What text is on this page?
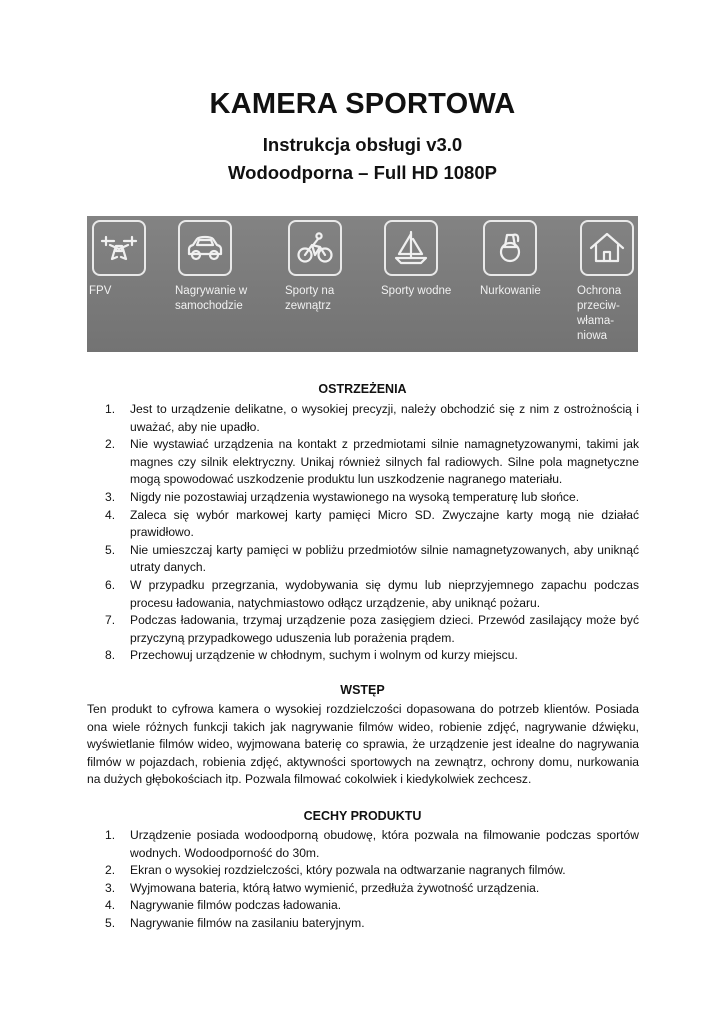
KAMERA SPORTOWA
Instrukcja obsługi v3.0
Wodoodporna – Full HD 1080P
FPV	Nagrywanie w
samochodzie
Sporty na
zewnątrz
Sporty wodne	Nurkowanie	Ochrona
przeciw-
włama-
niowa
OSTRZEŻENIA
1. Jest to urządzenie delikatne, o wysokiej precyzji, należy obchodzić się z nim z ostrożnością i uważać, aby nie upadło.
2. Nie wystawiać urządzenia na kontakt z przedmiotami silnie namagnetyzowanymi, takimi jak magnes czy silnik elektryczny. Unikaj również silnych fal radiowych. Silne pola magnetyczne mogą spowodować uszkodzenie produktu lun uszkodzenie nagranego materiału.
3. Nigdy nie pozostawiaj urządzenia wystawionego na wysoką temperaturę lub słońce.
4. Zaleca się wybór markowej karty pamięci Micro SD. Zwyczajne karty mogą nie działać prawidłowo.
5. Nie umieszczaj karty pamięci w pobliżu przedmiotów silnie namagnetyzowanych, aby uniknąć utraty danych.
6. W przypadku przegrzania, wydobywania się dymu lub nieprzyjemnego zapachu podczas procesu ładowania, natychmiastowo odłącz urządzenie, aby uniknąć pożaru.
7. Podczas ładowania, trzymaj urządzenie poza zasięgiem dzieci. Przewód zasilający może być przyczyną przypadkowego uduszenia lub porażenia prądem.
8. Przechowuj urządzenie w chłodnym, suchym i wolnym od kurzy miejscu.
WSTĘP

Ten produkt to cyfrowa kamera o wysokiej rozdzielczości dopasowana do potrzeb klientów. Posiada ona wiele różnych funkcji takich jak nagrywanie filmów wideo, robienie zdjęć, nagrywanie dźwięku, wyświetlanie filmów wideo, wyjmowana baterię co sprawia, że urządzenie jest idealne do nagrywania filmów w pojazdach, robienia zdjęć, aktywności sportowych na zewnątrz, ochrony domu, nurkowania na dużych głębokościach itp. Pozwala filmować cokolwiek i kiedykolwiek zechcesz.

CECHY PRODUKTU
1. Urządzenie posiada wodoodporną obudowę, która pozwala na filmowanie podczas sportów wodnych. Wodoodporność do 30m.
2. Ekran o wysokiej rozdzielczości, który pozwala na odtwarzanie nagranych filmów.
3. Wyjmowana bateria, którą łatwo wymienić, przedłuża żywotność urządzenia.
4. Nagrywanie filmów podczas ładowania.
5. Nagrywanie filmów na zasilaniu bateryjnym.
